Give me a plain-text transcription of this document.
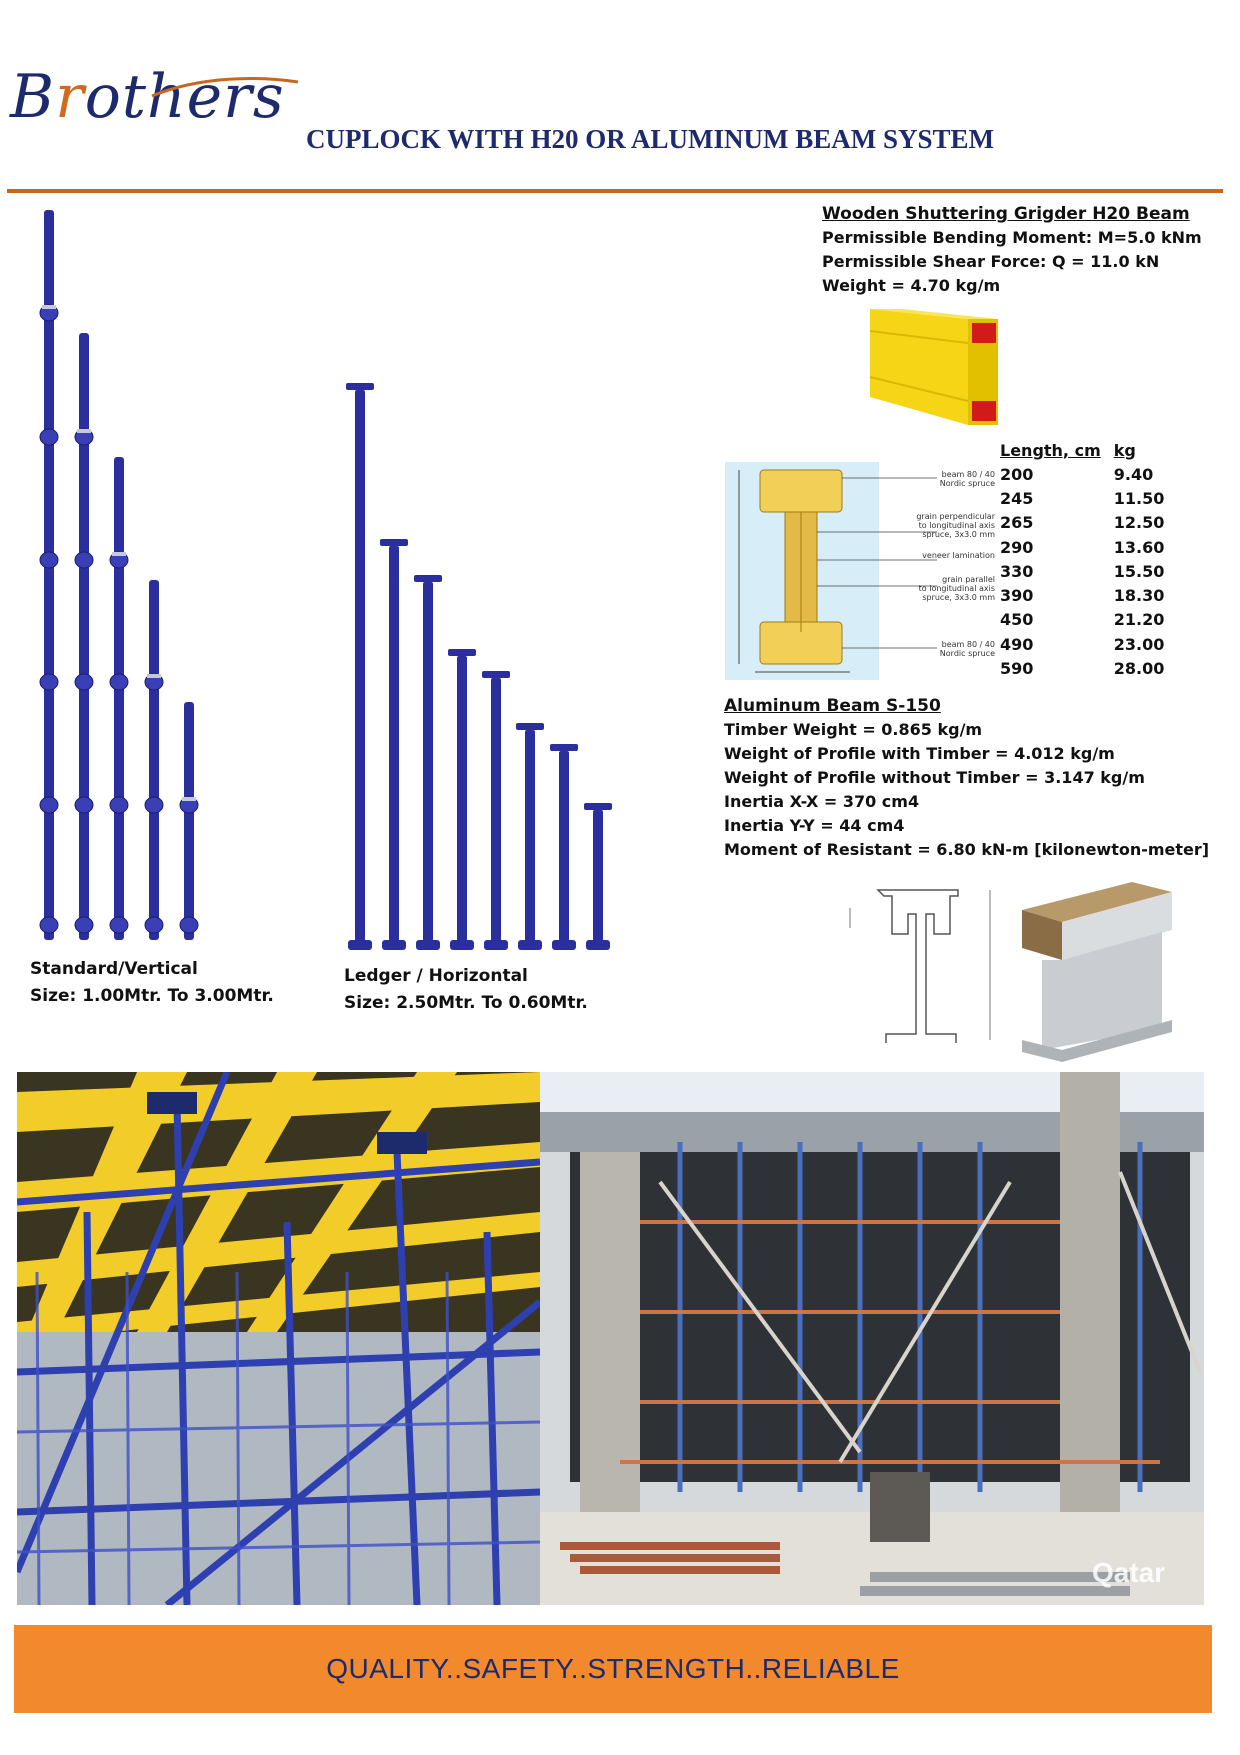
Brothers
CUPLOCK WITH H20 OR ALUMINUM BEAM SYSTEM
Standard/Vertical
Size: 1.00Mtr. To 3.00Mtr.
Ledger / Horizontal
Size: 2.50Mtr. To 0.60Mtr.
Wooden Shuttering Grigder H20 Beam
Permissible Bending Moment: M=5.0 kNm
Permissible Shear Force: Q = 11.0 kN
Weight = 4.70 kg/m
beam 80 / 40
Nordic spruce
grain perpendicular
to longitudinal axis
spruce, 3x3.0 mm
veneer lamination
grain parallel
to longitudinal axis
spruce, 3x3.0 mm
beam 80 / 40
Nordic spruce
Length, cm	kg
200	9.40
245	11.50
265	12.50
290	13.60
330	15.50
390	18.30
450	21.20
490	23.00
590	28.00
Aluminum Beam S-150
Timber Weight = 0.865 kg/m
Weight of Profile with Timber = 4.012 kg/m
Weight of Profile without Timber = 3.147 kg/m
Inertia X-X = 370 cm4
Inertia Y-Y = 44 cm4
Moment of Resistant = 6.80 kN-m [kilonewton-meter]
Qatar
QUALITY..SAFETY..STRENGTH..RELIABLE
